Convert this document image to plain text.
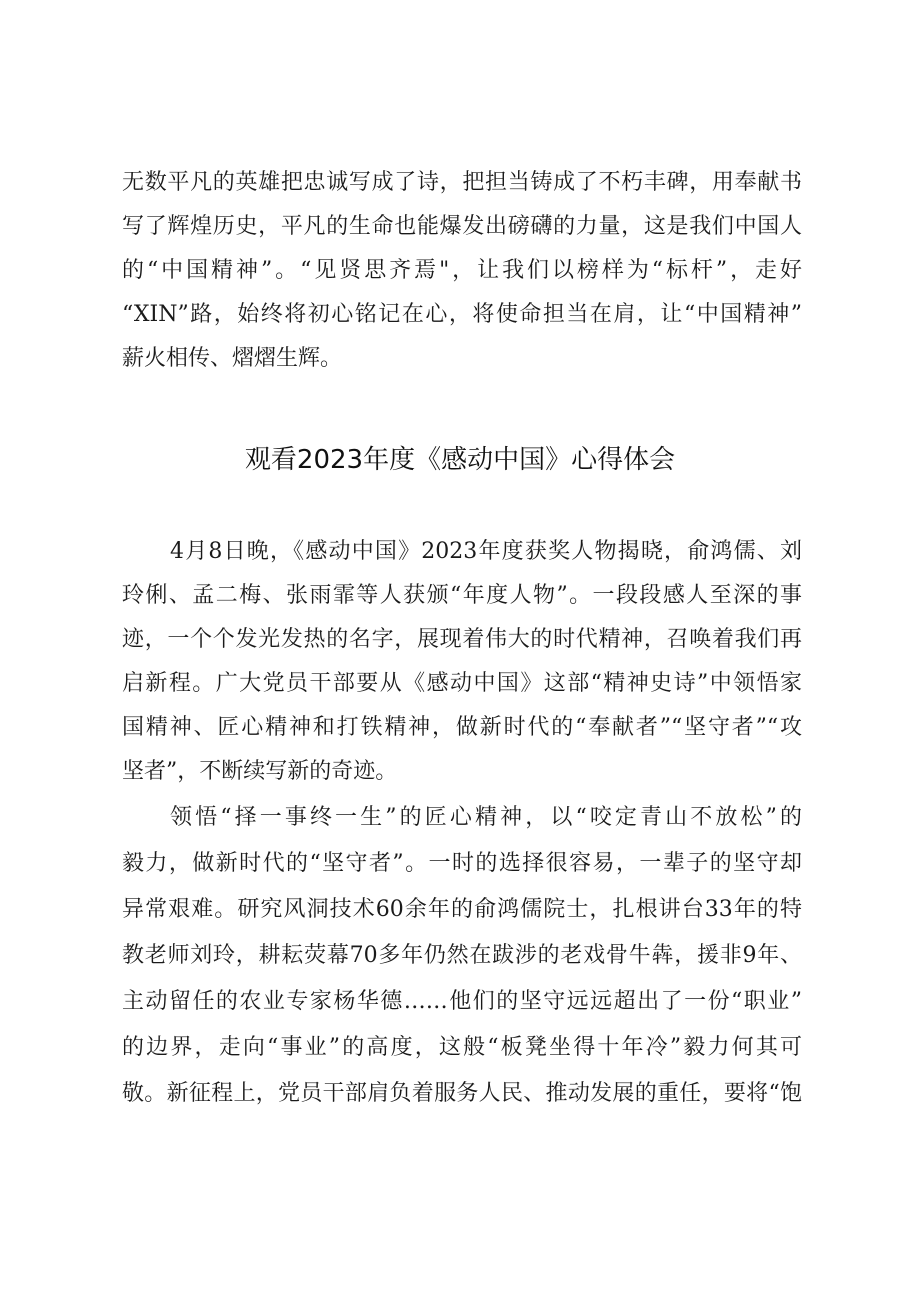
无数平凡的英雄把忠诚写成了诗，把担当铸成了不朽丰碑，用奉献书
写了辉煌历史，平凡的生命也能爆发出磅礴的力量，这是我们中国人
的“中国精神”。“见贤思齐焉"，让我们以榜样为“标杆”，走好
“XIN”路，始终将初心铭记在心，将使命担当在肩，让“中国精神”
薪火相传、熠熠生辉。
观看2023年度《感动中国》心得体会
4月8日晚，《感动中国》2023年度获奖人物揭晓，俞鸿儒、刘
玲俐、孟二梅、张雨霏等人获颁“年度人物”。一段段感人至深的事
迹，一个个发光发热的名字，展现着伟大的时代精神，召唤着我们再
启新程。广大党员干部要从《感动中国》这部“精神史诗”中领悟家
国精神、匠心精神和打铁精神，做新时代的“奉献者”“坚守者”“攻
坚者”，不断续写新的奇迹。
领悟“择一事终一生”的匠心精神，以“咬定青山不放松”的
毅力，做新时代的“坚守者”。一时的选择很容易，一辈子的坚守却
异常艰难。研究风洞技术60余年的俞鸿儒院士，扎根讲台33年的特
教老师刘玲，耕耘荧幕70多年仍然在跋涉的老戏骨牛犇，援非9年、
主动留任的农业专家杨华德……他们的坚守远远超出了一份“职业”
的边界，走向“事业”的高度，这般“板凳坐得十年冷”毅力何其可
敬。新征程上，党员干部肩负着服务人民、推动发展的重任，要将“饱
